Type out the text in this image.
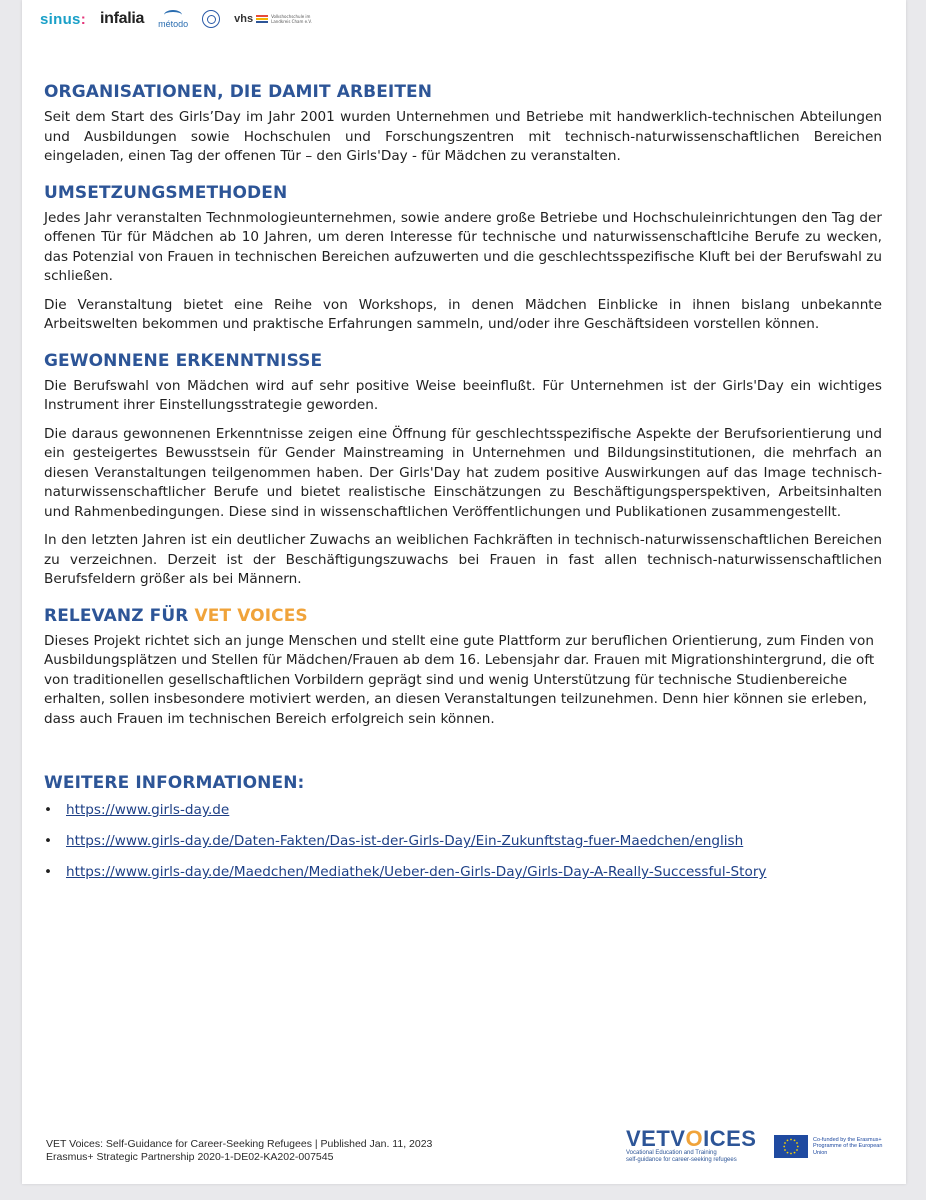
sinus: infalia método	vhs	Volkshochschule im Landkreis Cham e.V.
ORGANISATIONEN, DIE DAMIT ARBEITEN

Seit dem Start des Girls’Day im Jahr 2001 wurden Unternehmen und Betriebe mit handwerklich-technischen Abteilungen und Ausbildungen sowie Hochschulen und Forschungszentren mit technisch-naturwissenschaftlichen Bereichen eingeladen, einen Tag der offenen Tür – den Girls'Day - für Mädchen zu veranstalten.

UMSETZUNGSMETHODEN

Jedes Jahr veranstalten Technmologieunternehmen, sowie andere große Betriebe und Hochschuleinrichtungen den Tag der offenen Tür für Mädchen ab 10 Jahren, um deren Interesse für technische und naturwissenschaftlcihe Berufe zu wecken, das Potenzial von Frauen in technischen Bereichen aufzuwerten und die geschlechtsspezifische Kluft bei der Berufswahl zu schließen.

Die Veranstaltung bietet eine Reihe von Workshops, in denen Mädchen Einblicke in ihnen bislang unbekannte Arbeitswelten bekommen und praktische Erfahrungen sammeln, und/oder ihre Geschäftsideen vorstellen können.

GEWONNENE ERKENNTNISSE

Die Berufswahl von Mädchen wird auf sehr positive Weise beeinflußt. Für Unternehmen ist der Girls'Day ein wichtiges Instrument ihrer Einstellungsstrategie geworden.

Die daraus gewonnenen Erkenntnisse zeigen eine Öffnung für geschlechtsspezifische Aspekte der Berufsorientierung und ein gesteigertes Bewusstsein für Gender Mainstreaming in Unternehmen und Bildungsinstitutionen, die mehrfach an diesen Veranstaltungen teilgenommen haben. Der Girls'Day hat zudem positive Auswirkungen auf das Image technisch-naturwissenschaftlicher Berufe und bietet realistische Einschätzungen zu Beschäftigungsperspektiven, Arbeitsinhalten und Rahmenbedingungen. Diese sind in wissenschaftlichen Veröffentlichungen und Publikationen zusammengestellt.

In den letzten Jahren ist ein deutlicher Zuwachs an weiblichen Fachkräften in technisch-naturwissenschaftlichen Bereichen zu verzeichnen. Derzeit ist der Beschäftigungszuwachs bei Frauen in fast allen technisch-naturwissenschaftlichen Berufsfeldern größer als bei Männern.

RELEVANZ FÜR VET VOICES

Dieses Projekt richtet sich an junge Menschen und stellt eine gute Plattform zur beruflichen Orientierung, zum Finden von Ausbildungsplätzen und Stellen für Mädchen/Frauen ab dem 16. Lebensjahr dar. Frauen mit Migrationshintergrund, die oft von traditionellen gesellschaftlichen Vorbildern geprägt sind und wenig Unterstützung für technische Studienbereiche erhalten, sollen insbesondere motiviert werden, an diesen Veranstaltungen teilzunehmen. Denn hier können sie erleben, dass auch Frauen im technischen Bereich erfolgreich sein können.

WEITERE INFORMATIONEN:
• https://www.girls-day.de
• https://www.girls-day.de/Daten-Fakten/Das-ist-der-Girls-Day/Ein-Zukunftstag-fuer-Maedchen/english
• https://www.girls-day.de/Maedchen/Mediathek/Ueber-den-Girls-Day/Girls-Day-A-Really-Successful-Story
VET Voices: Self-Guidance for Career-Seeking Refugees | Published Jan. 11, 2023
Erasmus+ Strategic Partnership 2020-1-DE02-KA202-007545
VETVOICES
Vocational Education and Training
self-guidance for career-seeking refugees
Co-funded by the Erasmus+ Programme of the European Union
